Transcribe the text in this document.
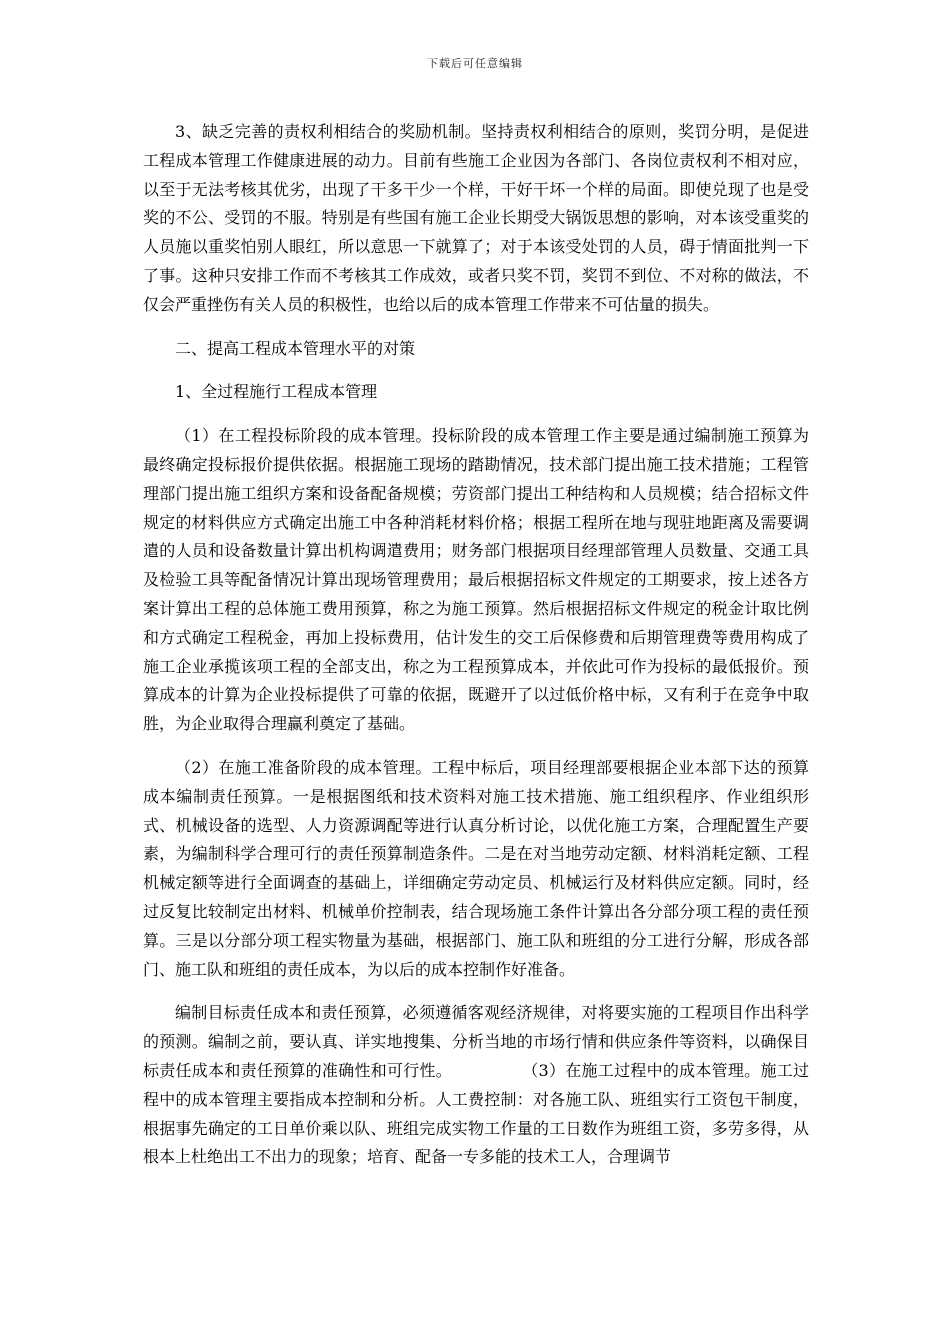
下载后可任意编辑

3、缺乏完善的责权利相结合的奖励机制。坚持责权利相结合的原则，奖罚分明，是促进工程成本管理工作健康进展的动力。目前有些施工企业因为各部门、各岗位责权利不相对应，以至于无法考核其优劣，出现了干多干少一个样，干好干坏一个样的局面。即使兑现了也是受奖的不公、受罚的不服。特别是有些国有施工企业长期受大锅饭思想的影响，对本该受重奖的人员施以重奖怕别人眼红，所以意思一下就算了；对于本该受处罚的人员，碍于情面批判一下了事。这种只安排工作而不考核其工作成效，或者只奖不罚，奖罚不到位、不对称的做法，不仅会严重挫伤有关人员的积极性，也给以后的成本管理工作带来不可估量的损失。

二、提高工程成本管理水平的对策

1、全过程施行工程成本管理

（1）在工程投标阶段的成本管理。投标阶段的成本管理工作主要是通过编制施工预算为最终确定投标报价提供依据。根据施工现场的踏勘情况，技术部门提出施工技术措施；工程管理部门提出施工组织方案和设备配备规模；劳资部门提出工种结构和人员规模；结合招标文件规定的材料供应方式确定出施工中各种消耗材料价格；根据工程所在地与现驻地距离及需要调遣的人员和设备数量计算出机构调遣费用；财务部门根据项目经理部管理人员数量、交通工具及检验工具等配备情况计算出现场管理费用；最后根据招标文件规定的工期要求，按上述各方案计算出工程的总体施工费用预算，称之为施工预算。然后根据招标文件规定的税金计取比例和方式确定工程税金，再加上投标费用，估计发生的交工后保修费和后期管理费等费用构成了施工企业承揽该项工程的全部支出，称之为工程预算成本，并依此可作为投标的最低报价。预算成本的计算为企业投标提供了可靠的依据，既避开了以过低价格中标，又有利于在竞争中取胜，为企业取得合理赢利奠定了基础。

（2）在施工准备阶段的成本管理。工程中标后，项目经理部要根据企业本部下达的预算成本编制责任预算。一是根据图纸和技术资料对施工技术措施、施工组织程序、作业组织形式、机械设备的选型、人力资源调配等进行认真分析讨论，以优化施工方案，合理配置生产要素，为编制科学合理可行的责任预算制造条件。二是在对当地劳动定额、材料消耗定额、工程机械定额等进行全面调查的基础上，详细确定劳动定员、机械运行及材料供应定额。同时，经过反复比较制定出材料、机械单价控制表，结合现场施工条件计算出各分部分项工程的责任预算。三是以分部分项工程实物量为基础，根据部门、施工队和班组的分工进行分解，形成各部门、施工队和班组的责任成本，为以后的成本控制作好准备。

编制目标责任成本和责任预算，必须遵循客观经济规律，对将要实施的工程项目作出科学的预测。编制之前，要认真、详实地搜集、分析当地的市场行情和供应条件等资料，以确保目标责任成本和责任预算的准确性和可行性。	（3）在施工过程中的成本管理。施工过程中的成本管理主要指成本控制和分析。人工费控制：对各施工队、班组实行工资包干制度，根据事先确定的工日单价乘以队、班组完成实物工作量的工日数作为班组工资，多劳多得，从根本上杜绝出工不出力的现象；培育、配备一专多能的技术工人，合理调节
